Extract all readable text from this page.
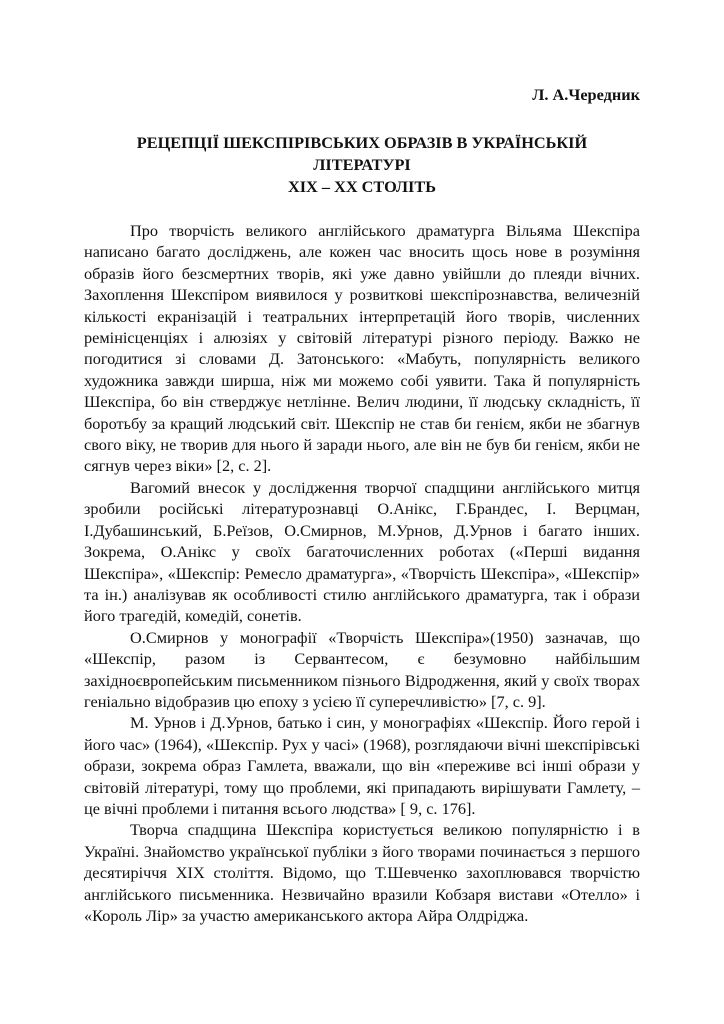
Л. А.Чередник
РЕЦЕПЦІЇ ШЕКСПІРІВСЬКИХ ОБРАЗІВ В УКРАЇНСЬКІЙ
ЛІТЕРАТУРІ
ХІХ – ХХ СТОЛІТЬ

Про творчість великого англійського драматурга Вільяма Шекспіра написано багато досліджень, але кожен час вносить щось нове в розуміння образів його безсмертних творів, які уже давно увійшли до плеяди вічних. Захоплення Шекспіром виявилося у розвиткові шекспірознавства, величезній кількості екранізацій і театральних інтерпретацій його творів, численних ремінісценціях і алюзіях у світовій літературі різного періоду. Важко не погодитися зі словами Д. Затонського: «Мабуть, популярність великого художника завжди ширша, ніж ми можемо собі уявити. Така й популярність Шекспіра, бо він стверджує нетлінне. Велич людини, її людську складність, її боротьбу за кращий людський світ. Шекспір не став би генієм, якби не збагнув свого віку, не творив для нього й заради нього, але він не був би генієм, якби не сягнув через віки» [2, с. 2].

Вагомий внесок у дослідження творчої спадщини англійського митця зробили російські літературознавці О.Анікс, Г.Брандес, І. Верцман, І.Дубашинський, Б.Реїзов, О.Смирнов, М.Урнов, Д.Урнов і багато інших. Зокрема, О.Анікс у своїх багаточисленних роботах («Перші видання Шекспіра», «Шекспір: Ремесло драматурга», «Творчість Шекспіра», «Шекспір» та ін.) аналізував як особливості стилю англійського драматурга, так і образи його трагедій, комедій, сонетів.

О.Смирнов у монографії «Творчість Шекспіра»(1950) зазначав, що «Шекспір, разом із Сервантесом, є безумовно найбільшим західноєвропейським письменником пізнього Відродження, який у своїх творах геніально відобразив цю епоху з усією її суперечливістю» [7, с. 9].

М. Урнов і Д.Урнов, батько і син, у монографіях «Шекспір. Його герой і його час» (1964), «Шекспір. Рух у часі» (1968), розглядаючи вічні шекспірівські образи, зокрема образ Гамлета, вважали, що він «переживе всі інші образи у світовій літературі, тому що проблеми, які припадають вирішувати Гамлету, – це вічні проблеми і питання всього людства» [ 9, с. 176].

Творча спадщина Шекспіра користується великою популярністю і в Україні. Знайомство української публіки з його творами починається з першого десятиріччя ХІХ століття. Відомо, що Т.Шевченко захоплювався творчістю англійського письменника. Незвичайно вразили Кобзаря вистави «Отелло» і «Король Лір» за участю американського актора Айра Олдріджа.
